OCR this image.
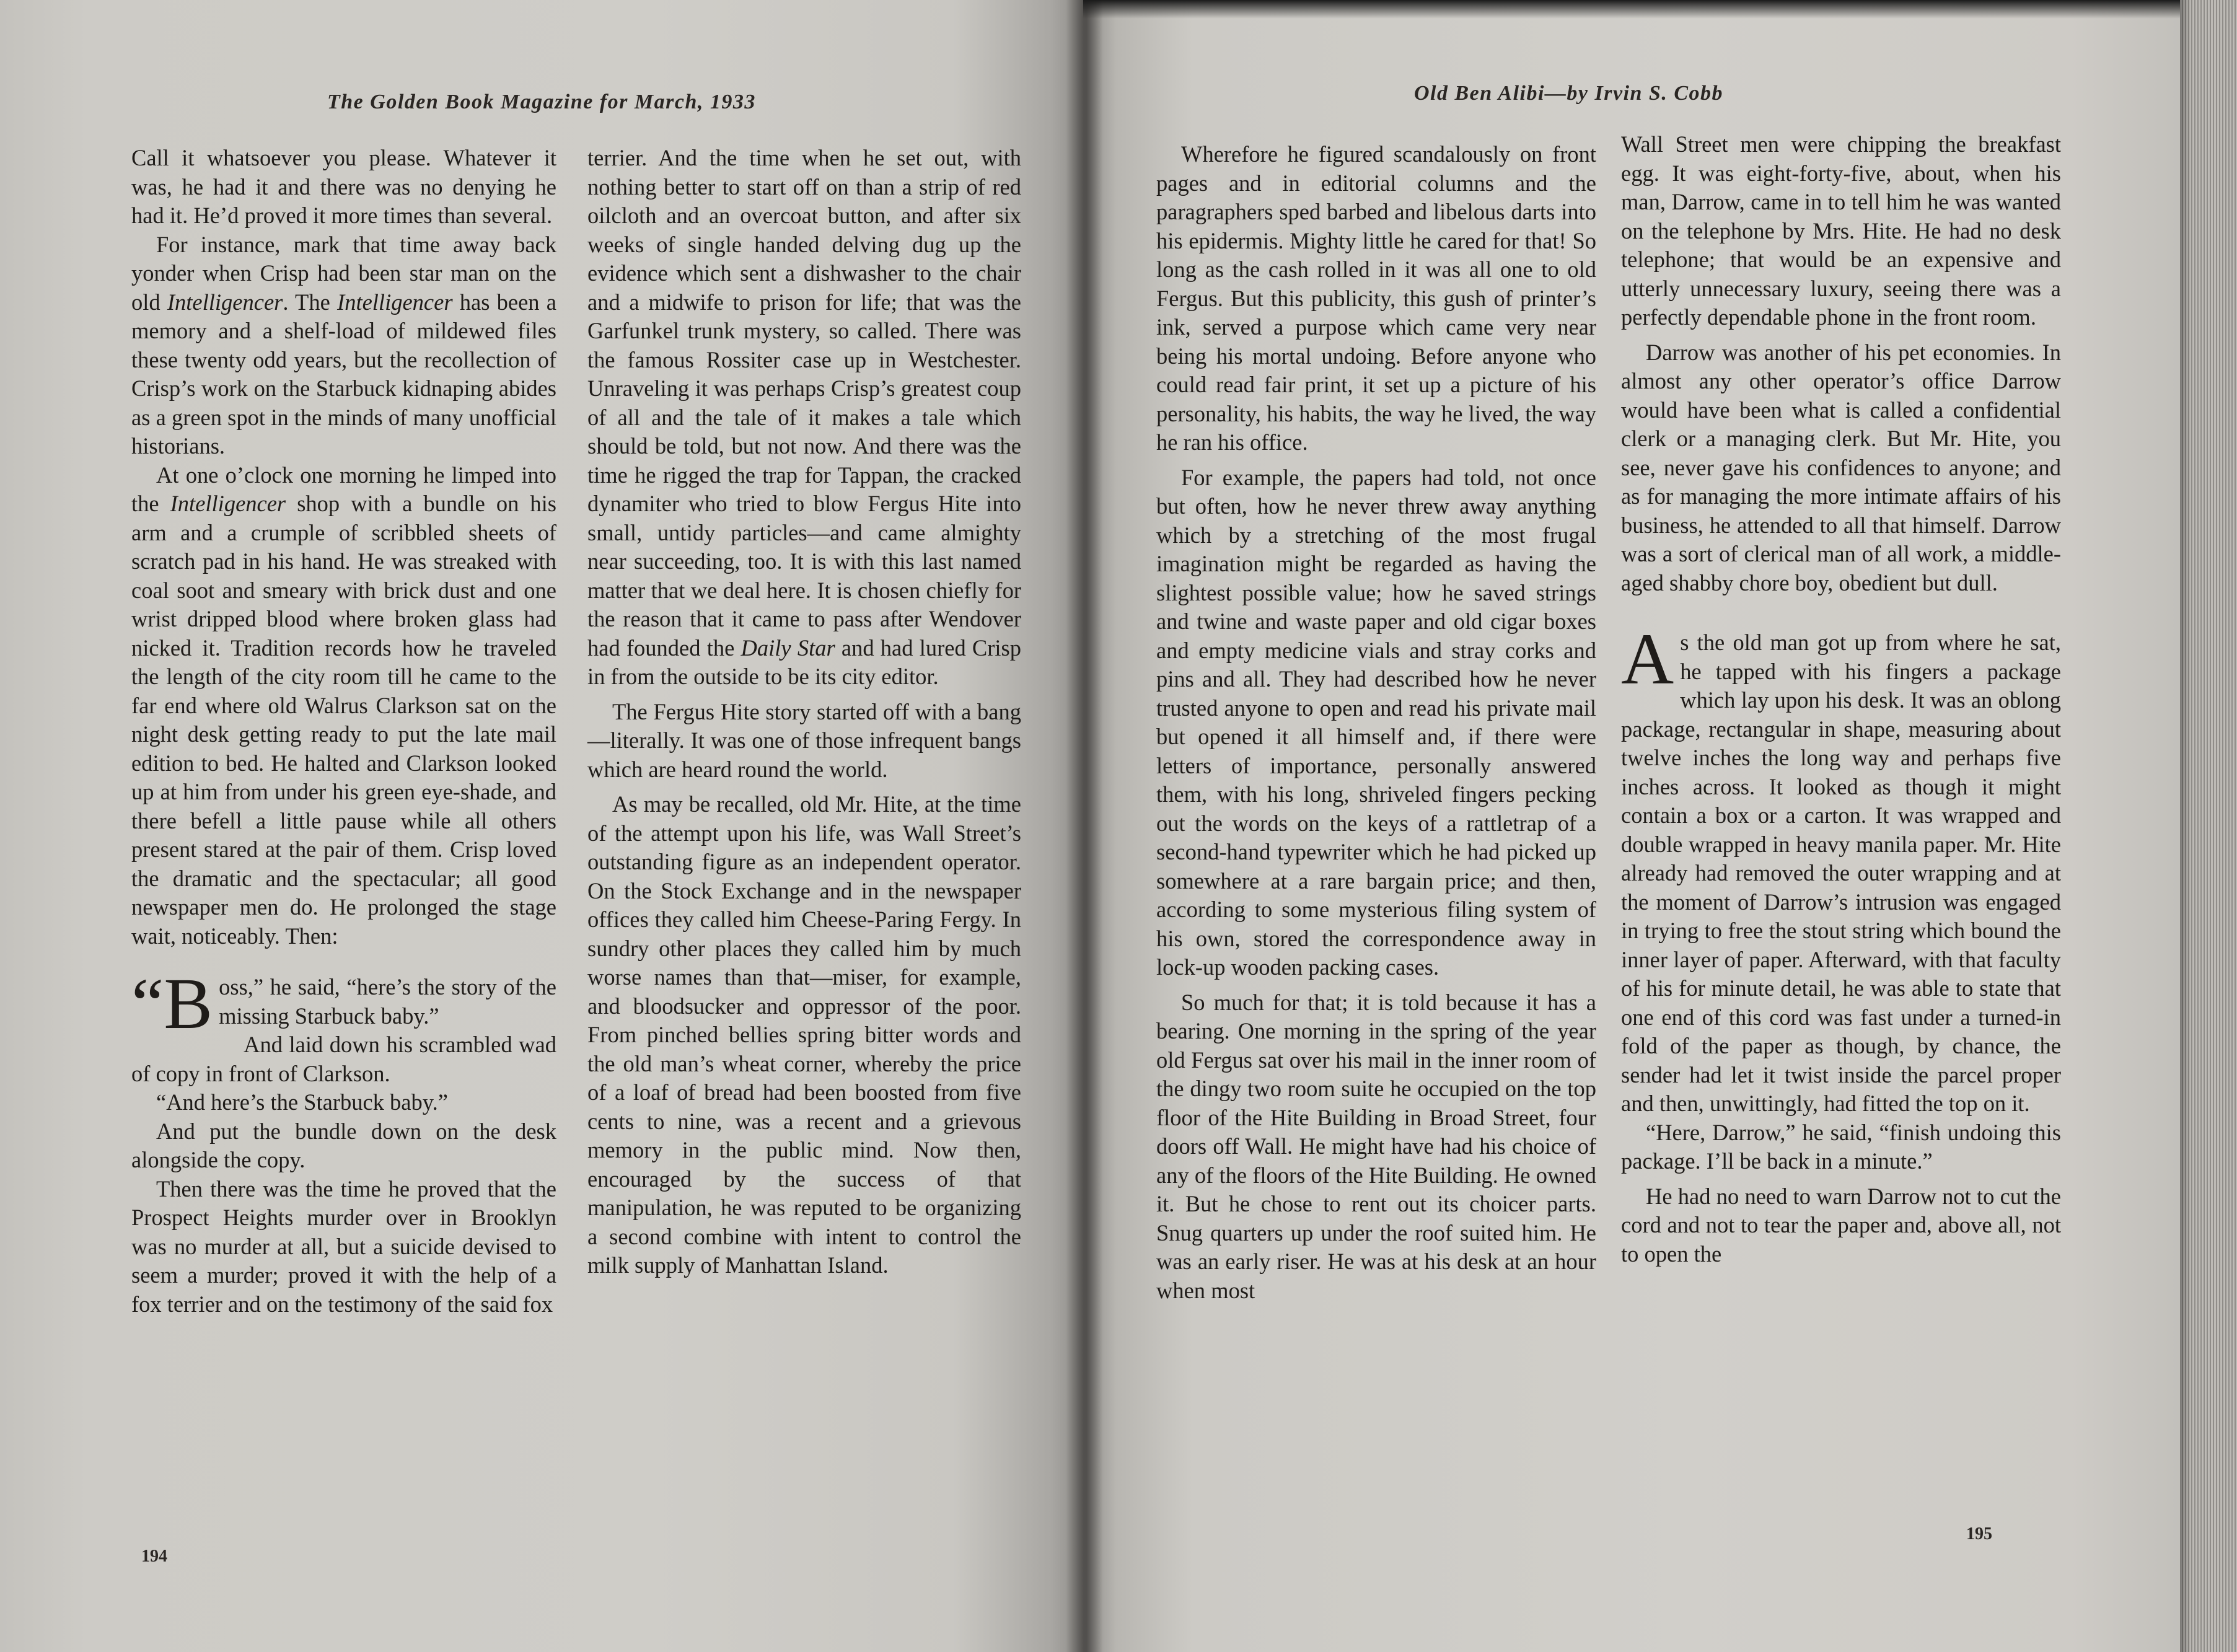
The Golden Book Magazine for March, 1933

Call it whatsoever you please. Whatever it was, he had it and there was no denying he had it. He’d proved it more times than several.

For instance, mark that time away back yonder when Crisp had been star man on the old Intelligencer. The Intelligencer has been a memory and a shelf-load of mildewed files these twenty odd years, but the recollection of Crisp’s work on the Starbuck kidnaping abides as a green spot in the minds of many unofficial historians.

At one o’clock one morning he limped into the Intelligencer shop with a bundle on his arm and a crumple of scribbled sheets of scratch pad in his hand. He was streaked with coal soot and smeary with brick dust and one wrist dripped blood where broken glass had nicked it. Tradition records how he traveled the length of the city room till he came to the far end where old Walrus Clarkson sat on the night desk getting ready to put the late mail edition to bed. He halted and Clarkson looked up at him from under his green eye-shade, and there befell a little pause while all others present stared at the pair of them. Crisp loved the dramatic and the spectacular; all good newspaper men do. He prolonged the stage wait, noticeably. Then:

“Boss,” he said, “here’s the story of the missing Starbuck baby.”

And laid down his scrambled wad of copy in front of Clarkson.

“And here’s the Starbuck baby.”

And put the bundle down on the desk alongside the copy.

Then there was the time he proved that the Prospect Heights murder over in Brooklyn was no murder at all, but a suicide devised to seem a murder; proved it with the help of a fox terrier and on the testimony of the said fox

terrier. And the time when he set out, with nothing better to start off on than a strip of red oilcloth and an overcoat button, and after six weeks of single handed delving dug up the evidence which sent a dishwasher to the chair and a midwife to prison for life; that was the Garfunkel trunk mystery, so called. There was the famous Rossiter case up in Westchester. Unraveling it was perhaps Crisp’s greatest coup of all and the tale of it makes a tale which should be told, but not now. And there was the time he rigged the trap for Tappan, the cracked dynamiter who tried to blow Fergus Hite into small, untidy particles—and came almighty near succeeding, too. It is with this last named matter that we deal here. It is chosen chiefly for the reason that it came to pass after Wendover had founded the Daily Star and had lured Crisp in from the outside to be its city editor.

The Fergus Hite story started off with a bang—literally. It was one of those infrequent bangs which are heard round the world.

As may be recalled, old Mr. Hite, at the time of the attempt upon his life, was Wall Street’s outstanding figure as an independent operator. On the Stock Exchange and in the newspaper offices they called him Cheese-Paring Fergy. In sundry other places they called him by much worse names than that—miser, for example, and bloodsucker and oppressor of the poor. From pinched bellies spring bitter words and the old man’s wheat corner, whereby the price of a loaf of bread had been boosted from five cents to nine, was a recent and a grievous memory in the public mind. Now then, encouraged by the success of that manipulation, he was reputed to be organizing a second combine with intent to control the milk supply of Manhattan Island.

194
Old Ben Alibi—by Irvin S. Cobb

Wherefore he figured scandalously on front pages and in editorial columns and the paragraphers sped barbed and libelous darts into his epidermis. Mighty little he cared for that! So long as the cash rolled in it was all one to old Fergus. But this publicity, this gush of printer’s ink, served a purpose which came very near being his mortal undoing. Before anyone who could read fair print, it set up a picture of his personality, his habits, the way he lived, the way he ran his office.

For example, the papers had told, not once but often, how he never threw away anything which by a stretching of the most frugal imagination might be regarded as having the slightest possible value; how he saved strings and twine and waste paper and old cigar boxes and empty medicine vials and stray corks and pins and all. They had described how he never trusted anyone to open and read his private mail but opened it all himself and, if there were letters of importance, personally answered them, with his long, shriveled fingers pecking out the words on the keys of a rattletrap of a second-hand typewriter which he had picked up somewhere at a rare bargain price; and then, according to some mysterious filing system of his own, stored the correspondence away in lock-up wooden packing cases.

So much for that; it is told because it has a bearing. One morning in the spring of the year old Fergus sat over his mail in the inner room of the dingy two room suite he occupied on the top floor of the Hite Building in Broad Street, four doors off Wall. He might have had his choice of any of the floors of the Hite Building. He owned it. But he chose to rent out its choicer parts. Snug quarters up under the roof suited him. He was an early riser. He was at his desk at an hour when most

Wall Street men were chipping the breakfast egg. It was eight-forty-five, about, when his man, Darrow, came in to tell him he was wanted on the telephone by Mrs. Hite. He had no desk telephone; that would be an expensive and utterly unnecessary luxury, seeing there was a perfectly dependable phone in the front room.

Darrow was another of his pet economies. In almost any other operator’s office Darrow would have been what is called a confidential clerk or a managing clerk. But Mr. Hite, you see, never gave his confidences to anyone; and as for managing the more intimate affairs of his business, he attended to all that himself. Darrow was a sort of clerical man of all work, a middle-aged shabby chore boy, obedient but dull.

As the old man got up from where he sat, he tapped with his fingers a package which lay upon his desk. It was an oblong package, rectangular in shape, measuring about twelve inches the long way and perhaps five inches across. It looked as though it might contain a box or a carton. It was wrapped and double wrapped in heavy manila paper. Mr. Hite already had removed the outer wrapping and at the moment of Darrow’s intrusion was engaged in trying to free the stout string which bound the inner layer of paper. Afterward, with that faculty of his for minute detail, he was able to state that one end of this cord was fast under a turned-in fold of the paper as though, by chance, the sender had let it twist inside the parcel proper and then, unwittingly, had fitted the top on it.

“Here, Darrow,” he said, “finish undoing this package. I’ll be back in a minute.”

He had no need to warn Darrow not to cut the cord and not to tear the paper and, above all, not to open the

195
